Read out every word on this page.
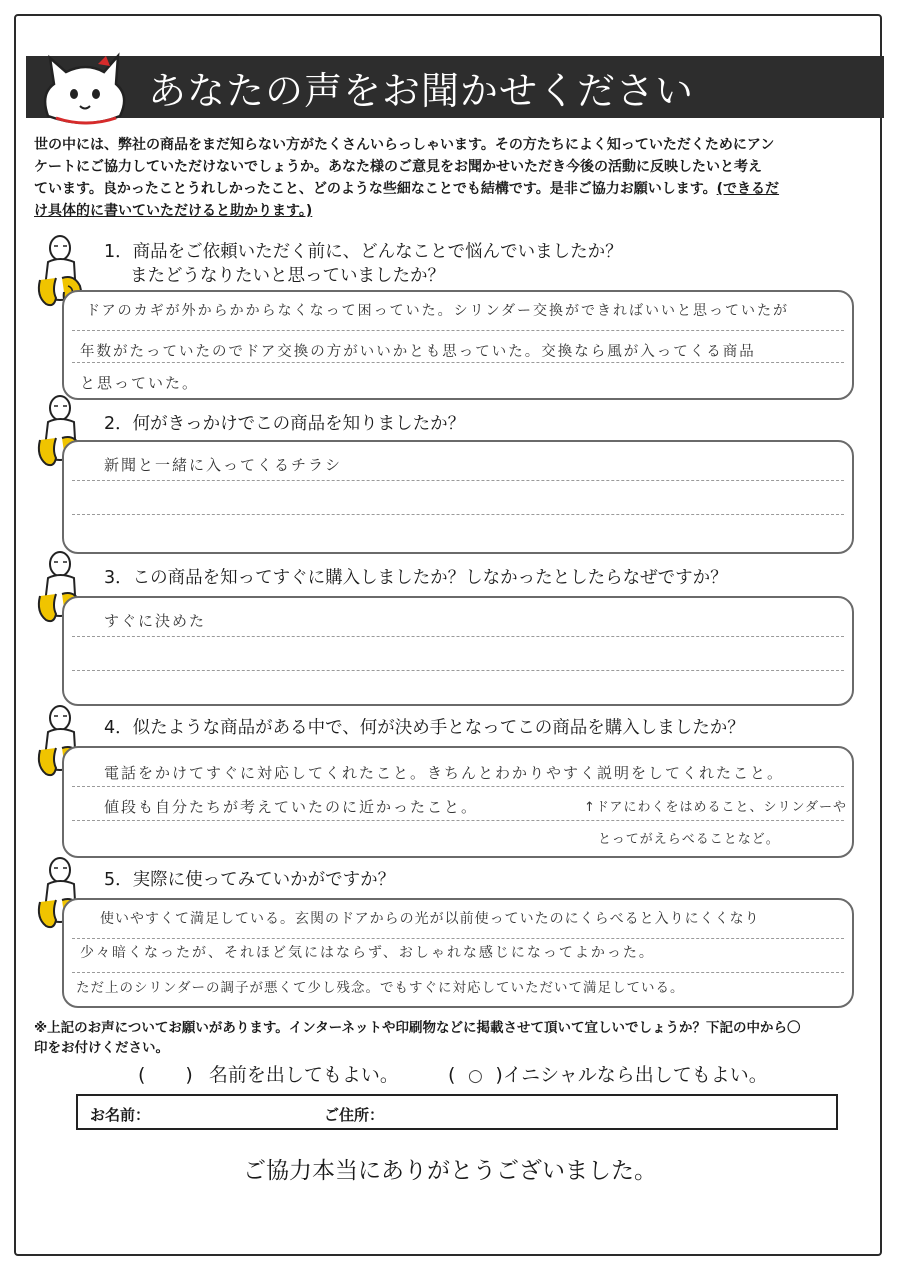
あなたの声をお聞かせください
世の中には、弊社の商品をまだ知らない方がたくさんいらっしゃいます。その方たちによく知っていただくためにアン
ケートにご協力していただけないでしょうか。あなた様のご意見をお聞かせいただき今後の活動に反映したいと考え
ています。良かったことうれしかったこと、どのような些細なことでも結構です。是非ご協力お願いします。(できるだ
け具体的に書いていただけると助かります。)

1．商品をご依頼いただく前に、どんなことで悩んでいましたか？

またどうなりたいと思っていましたか？

ドアのカギが外からかからなくなって困っていた。シリンダー交換ができればいいと思っていたが
年数がたっていたのでドア交換の方がいいかとも思っていた。交換なら風が入ってくる商品
と思っていた。

2．何がきっかけでこの商品を知りましたか？

新聞と一緒に入ってくるチラシ

3．この商品を知ってすぐに購入しましたか？しなかったとしたらなぜですか？

すぐに決めた

4．似たような商品がある中で、何が決め手となってこの商品を購入しましたか？

電話をかけてすぐに対応してくれたこと。きちんとわかりやすく説明をしてくれたこと。
値段も自分たちが考えていたのに近かったこと。	↑ドアにわくをはめること、シリンダーや
とってがえらべることなど。

5．実際に使ってみていかがですか？

使いやすくて満足している。玄関のドアからの光が以前使っていたのにくらべると入りにくくなり
少々暗くなったが、それほど気にはならず、おしゃれな感じになってよかった。
ただ上のシリンダーの調子が悪くて少し残念。でもすぐに対応していただいて満足している。
※上記のお声についてお願いがあります。インターネットや印刷物などに掲載させて頂いて宜しいでしょうか？下記の中から〇
印をお付けください。
( ) 名前を出してもよい。	( ○ )イニシャルなら出してもよい。
お名前：	ご住所：
ご協力本当にありがとうございました。
